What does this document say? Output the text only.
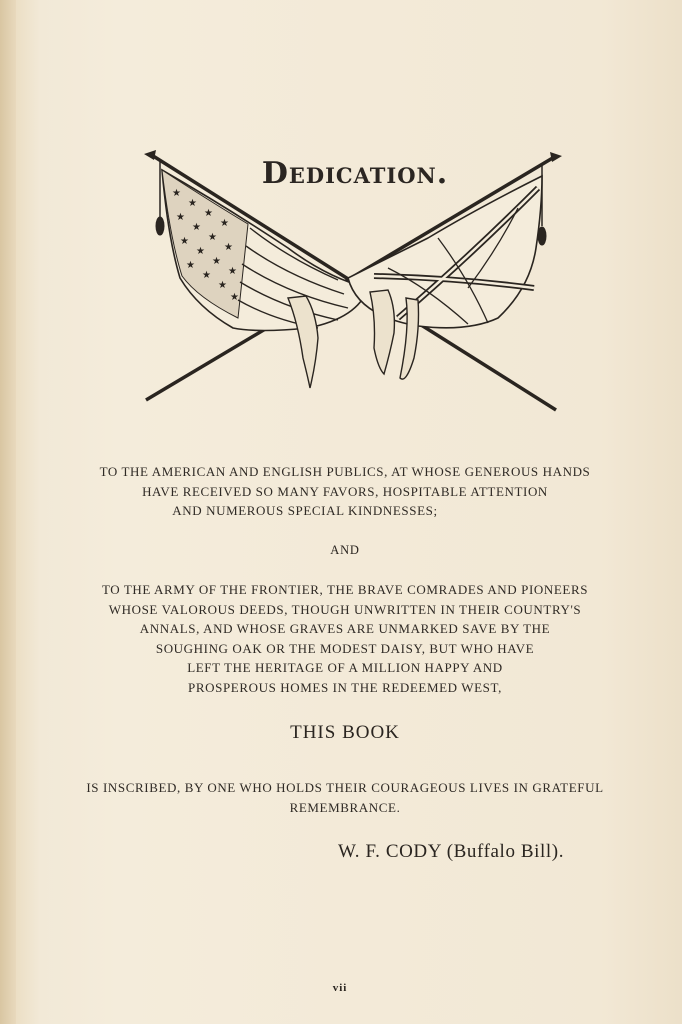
★
★
★
★
★
★
★
★
★
★
★
★
★
★
★
★
Dedication.

TO THE AMERICAN AND ENGLISH PUBLICS, AT WHOSE GENEROUS HANDS

HAVE RECEIVED SO MANY FAVORS, HOSPITABLE ATTENTION

AND NUMEROUS SPECIAL KINDNESSES;

AND

TO THE ARMY OF THE FRONTIER, THE BRAVE COMRADES AND PIONEERS

WHOSE VALOROUS DEEDS, THOUGH UNWRITTEN IN THEIR COUNTRY'S

ANNALS, AND WHOSE GRAVES ARE UNMARKED SAVE BY THE

SOUGHING OAK OR THE MODEST DAISY, BUT WHO HAVE

LEFT THE HERITAGE OF A MILLION HAPPY AND

PROSPEROUS HOMES IN THE REDEEMED WEST,

THIS BOOK

IS INSCRIBED, BY ONE WHO HOLDS THEIR COURAGEOUS LIVES IN GRATEFUL

REMEMBRANCE.

W. F. CODY (Buffalo Bill).
vii
